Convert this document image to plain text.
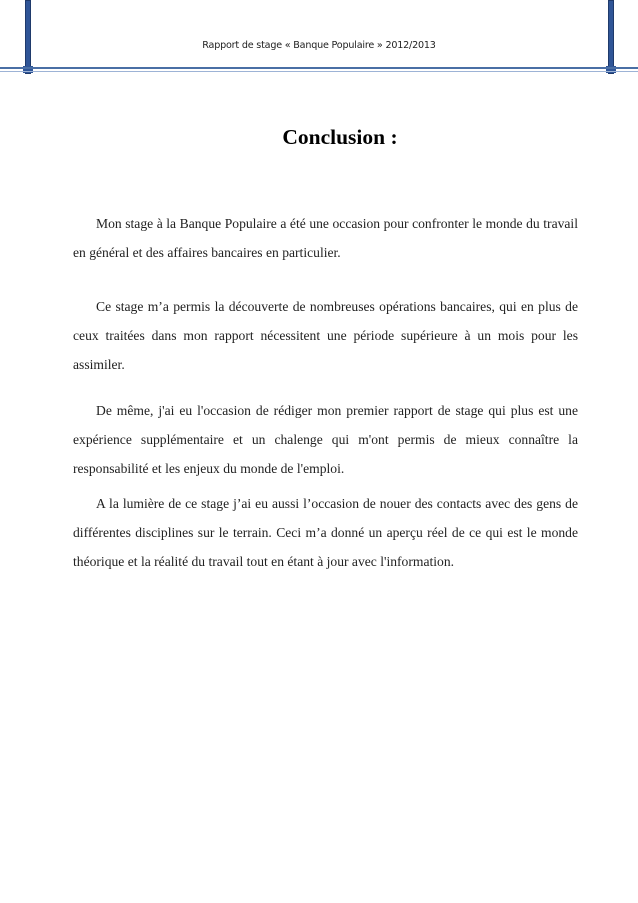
Rapport de stage « Banque Populaire » 2012/2013
Conclusion :

Mon stage à la Banque Populaire a été une occasion pour confronter le monde du travail en général et des affaires bancaires en particulier.

Ce stage m’a permis la découverte de nombreuses opérations bancaires, qui en plus de ceux traitées dans mon rapport nécessitent une période supérieure à un mois pour les assimiler.

De même, j'ai eu l'occasion de rédiger mon premier rapport de stage qui plus est une expérience supplémentaire et un chalenge qui m'ont permis de mieux connaître la responsabilité et les enjeux du monde de l'emploi.

A la lumière de ce stage j’ai eu aussi l’occasion de nouer des contacts avec des gens de différentes disciplines sur le terrain. Ceci m’a donné un aperçu réel de ce qui est le monde théorique et la réalité du travail tout en étant à jour avec l'information.
